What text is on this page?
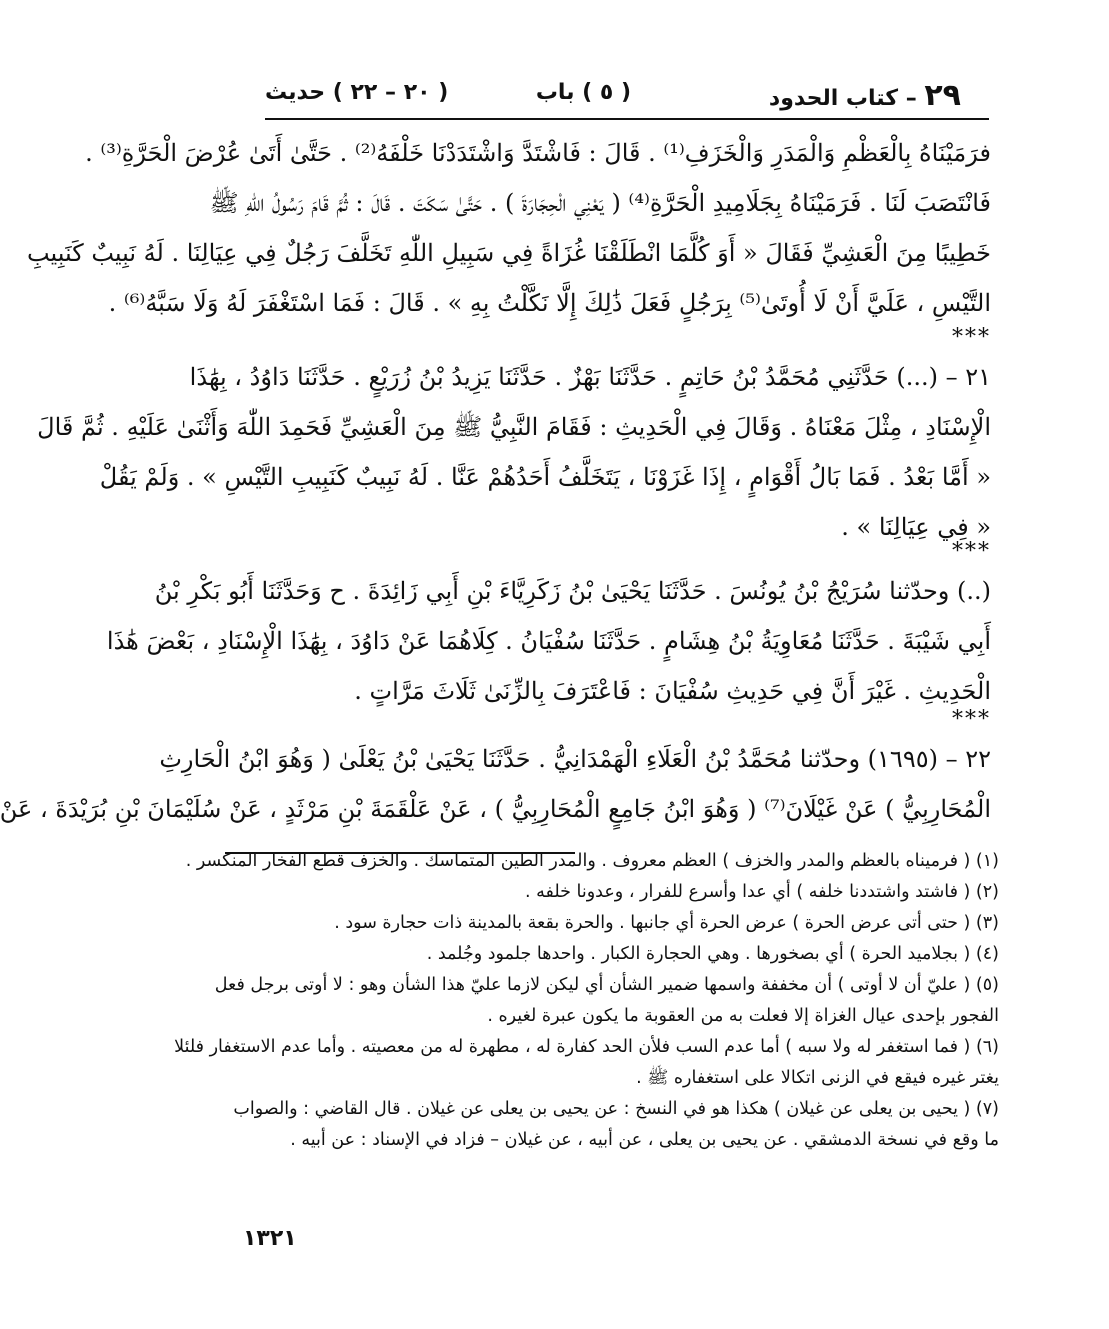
٢٩ – كتاب الحدود
( ٥ ) باب
( ٢٠ – ٢٢ ) حديث
فرَمَيْنَاهُ بِالْعَظْمِ وَالْمَدَرِ وَالْخَزَفِ⁽¹⁾ . قَالَ : فَاشْتَدَّ وَاشْتَدَدْنَا خَلْفَهُ⁽²⁾ . حَتَّىٰ أَتَىٰ عُرْضَ الْحَرَّةِ⁽³⁾ .
فَانْتَصَبَ لَنَا . فَرَمَيْنَاهُ بِجَلَامِيدِ الْحَرَّةِ⁽⁴⁾ ( يَعْنِي الْحِجَارَةَ ) . حَتَّىٰ سَكَتَ . قَالَ : ثُمَّ قَامَ رَسُولُ اللّٰهِ ﷺ
خَطِيبًا مِنَ الْعَشِيِّ فَقَالَ « أَوَ كُلَّمَا انْطَلَقْنَا غُزَاةً فِي سَبِيلِ اللّٰهِ تَخَلَّفَ رَجُلٌ فِي عِيَالِنَا . لَهُ نَبِيبٌ كَنَبِيبِ
التَّيْسِ ، عَلَيَّ أَنْ لَا أُوتَىٰ⁽⁵⁾ بِرَجُلٍ فَعَلَ ذَٰلِكَ إِلَّا نَكَّلْتُ بِهِ » . قَالَ : فَمَا اسْتَغْفَرَ لَهُ وَلَا سَبَّهُ⁽⁶⁾ .
***
٢١ – (...) حَدَّثَنِي مُحَمَّدُ بْنُ حَاتِمٍ . حَدَّثَنَا بَهْزٌ . حَدَّثَنَا يَزِيدُ بْنُ زُرَيْعٍ . حَدَّثَنَا دَاوُدُ ، بِهَٰذَا
الْإِسْنَادِ ، مِثْلَ مَعْنَاهُ . وَقَالَ فِي الْحَدِيثِ : فَقَامَ النَّبِيُّ ﷺ مِنَ الْعَشِيِّ فَحَمِدَ اللّٰهَ وَأَثْنَىٰ عَلَيْهِ . ثُمَّ قَالَ
« أَمَّا بَعْدُ . فَمَا بَالُ أَقْوَامٍ ، إِذَا غَزَوْنَا ، يَتَخَلَّفُ أَحَدُهُمْ عَنَّا . لَهُ نَبِيبٌ كَنَبِيبِ التَّيْسِ » . وَلَمْ يَقُلْ
« فِي عِيَالِنَا » .
***
(..) وحدّثنا سُرَيْجُ بْنُ يُونُسَ . حَدَّثَنَا يَحْيَىٰ بْنُ زَكَرِيَّاءَ بْنِ أَبِي زَائِدَةَ . ح وَحَدَّثَنَا أَبُو بَكْرِ بْنُ
أَبِي شَيْبَةَ . حَدَّثَنَا مُعَاوِيَةُ بْنُ هِشَامٍ . حَدَّثَنَا سُفْيَانُ . كِلَاهُمَا عَنْ دَاوُدَ ، بِهَٰذَا الْإِسْنَادِ ، بَعْضَ هَٰذَا
الْحَدِيثِ . غَيْرَ أَنَّ فِي حَدِيثِ سُفْيَانَ : فَاعْتَرَفَ بِالزِّنَىٰ ثَلَاثَ مَرَّاتٍ .
***
٢٢ – (١٦٩٥) وحدّثنا مُحَمَّدُ بْنُ الْعَلَاءِ الْهَمْدَانِيُّ . حَدَّثَنَا يَحْيَىٰ بْنُ يَعْلَىٰ ( وَهُوَ ابْنُ الْحَارِثِ
الْمُحَارِبِيُّ ) عَنْ غَيْلَانَ⁽⁷⁾ ( وَهُوَ ابْنُ جَامِعٍ الْمُحَارِبِيُّ ) ، عَنْ عَلْقَمَةَ بْنِ مَرْثَدٍ ، عَنْ سُلَيْمَانَ بْنِ بُرَيْدَةَ ، عَنْ
(١) ( فرميناه بالعظم والمدر والخزف ) العظم معروف . والمدر الطين المتماسك . والخزف قطع الفخار المنكسر .
(٢) ( فاشتد واشتددنا خلفه ) أي عدا وأسرع للفرار ، وعدونا خلفه .
(٣) ( حتى أتى عرض الحرة ) عرض الحرة أي جانبها . والحرة بقعة بالمدينة ذات حجارة سود .
(٤) ( بجلاميد الحرة ) أي بصخورها . وهي الحجارة الكبار . واحدها جلمود وجُلمد .
(٥) ( عليّ أن لا أوتى ) أن مخففة واسمها ضمير الشأن أي ليكن لازما عليّ هذا الشأن وهو : لا أوتى برجل فعل
الفجور بإحدى عيال الغزاة إلا فعلت به من العقوبة ما يكون عبرة لغيره .
(٦) ( فما استغفر له ولا سبه ) أما عدم السب فلأن الحد كفارة له ، مطهرة له من معصيته . وأما عدم الاستغفار فلئلا
يغتر غيره فيقع في الزنى اتكالا على استغفاره ﷺ .
(٧) ( يحيى بن يعلى عن غيلان ) هكذا هو في النسخ : عن يحيى بن يعلى عن غيلان . قال القاضي : والصواب
ما وقع في نسخة الدمشقي . عن يحيى بن يعلى ، عن أبيه ، عن غيلان – فزاد في الإسناد : عن أبيه .
١٣٢١
